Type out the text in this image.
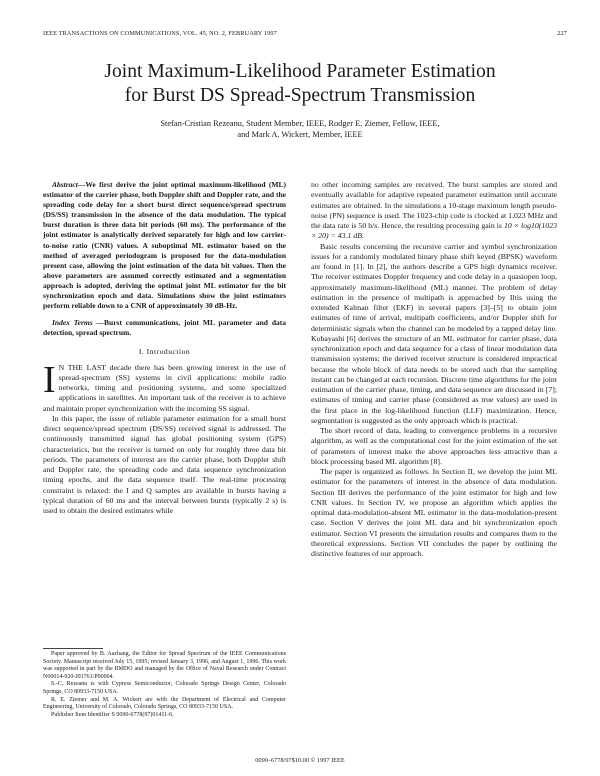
IEEE TRANSACTIONS ON COMMUNICATIONS, VOL. 45, NO. 2, FEBRUARY 1997	227
Joint Maximum-Likelihood Parameter Estimation
for Burst DS Spread-Spectrum Transmission
Stefan-Cristian Rezeanu, Student Member, IEEE, Rodger E. Ziemer, Fellow, IEEE,
and Mark A. Wickert, Member, IEEE

Abstract—We first derive the joint optimal maximum-likelihood (ML) estimator of the carrier phase, both Doppler shift and Doppler rate, and the spreading code delay for a short burst direct sequence/spread spectrum (DS/SS) transmission in the absence of the data modulation. The typical burst duration is three data bit periods (60 ms). The performance of the joint estimator is analytically derived separately for high and low carrier-to-noise ratio (CNR) values. A suboptimal ML estimator based on the method of averaged periodogram is proposed for the data-modulation present case, allowing the joint estimation of the data bit values. Then the above parameters are assumed correctly estimated and a segmentation approach is adopted, deriving the optimal joint ML estimator for the bit synchronization epoch and data. Simulations show the joint estimators perform reliable down to a CNR of approximately 30 dB-Hz.

Index Terms —Burst communications, joint ML parameter and data detection, spread spectrum.

I. Introduction

I N THE LAST decade there has been growing interest in the use of spread-spectrum (SS) systems in civil applications: mobile radio networks, timing and positioning systems, and some specialized applications in satellites. An important task of the receiver is to achieve and maintain proper synchronization with the incoming SS signal.

In this paper, the issue of reliable parameter estimation for a small burst direct sequence/spread spectrum (DS/SS) received signal is addressed. The continuously transmitted signal has global positioning system (GPS) characteristics, but the receiver is turned on only for roughly three data bit periods. The parameters of interest are the carrier phase, both Doppler shift and Doppler rate, the spreading code and data sequence synchronization timing epochs, and the data sequence itself. The real-time processing constraint is relaxed: the I and Q samples are available in bursts having a typical duration of 60 ms and the interval between bursts (typically 2 s) is used to obtain the desired estimates while

Paper approved by B. Aazhang, the Editor for Spread Spectrum of the IEEE Communications Society. Manuscript received July 15, 1995; revised January 3, 1996, and August 1, 1996. This work was supported in part by the BMDO and managed by the Office of Naval Research under Contract N00014-920-J01761/P00004.

S.-C. Rezeanu is with Cypress Semiconductor, Colorado Springs Design Center, Colorado Springs, CO 80933-7150 USA.

R. E. Ziemer and M. A. Wickert are with the Department of Electrical and Computer Engineering, University of Colorado, Colorado Springs, CO 80933-7150 USA.

Publisher Item Identifier S 0090-6778(97)01411-6.

no other incoming samples are received. The burst samples are stored and eventually available for adaptive repeated parameter estimation until accurate estimates are obtained. In the simulations a 10-stage maximum length pseudo-noise (PN) sequence is used. The 1023-chip code is clocked at 1.023 MHz and the data rate is 50 b/s. Hence, the resulting processing gain is 10 × log10(1023 × 20) = 43.1 dB.

Basic results concerning the recursive carrier and symbol synchronization issues for a randomly modulated binary phase shift keyed (BPSK) waveform are found in [1]. In [2], the authors describe a GPS high dynamics receiver. The receiver estimates Doppler frequency and code delay in a quasiopen loop, approximately maximum-likelihood (ML) manner. The problem of delay estimation in the presence of multipath is approached by Iltis using the extended Kalman filter (EKF) in several papers [3]–[5] to obtain joint estimates of time of arrival, multipath coefficients, and/or Doppler shift for deterministic signals when the channel can be modeled by a tapped delay line. Kobayashi [6] derives the structure of an ML estimator for carrier phase, data synchronization epoch and data sequence for a class of linear modulation data transmission systems; the derived receiver structure is considered impractical because the whole block of data needs to be stored such that the sampling instant can be changed at each recursion. Discrete time algorithms for the joint estimation of the carrier phase, timing, and data sequence are discussed in [7]; estimates of timing and carrier phase (considered as true values) are used in the first place in the log-likelihood function (LLF) maximization. Hence, segmentation is suggested as the only approach which is practical.

The short record of data, leading to convergence problems in a recursive algorithm, as well as the computational cost for the joint estimation of the set of parameters of interest make the above approaches less attractive than a block processing based ML algorithm [8].

The paper is organized as follows. In Section II, we develop the joint ML estimator for the parameters of interest in the absence of data modulation. Section III derives the performance of the joint estimator for high and low CNR values. In Section IV, we propose an algorithm which applies the optimal data-modulation-absent ML estimator in the data-modulation-present case. Section V derives the joint ML data and bit synchronization epoch estimator. Section VI presents the simulation results and compares them to the theoretical expressions. Section VII concludes the paper by outlining the distinctive features of our approach.

0090–6778/97$10.00 © 1997 IEEE
